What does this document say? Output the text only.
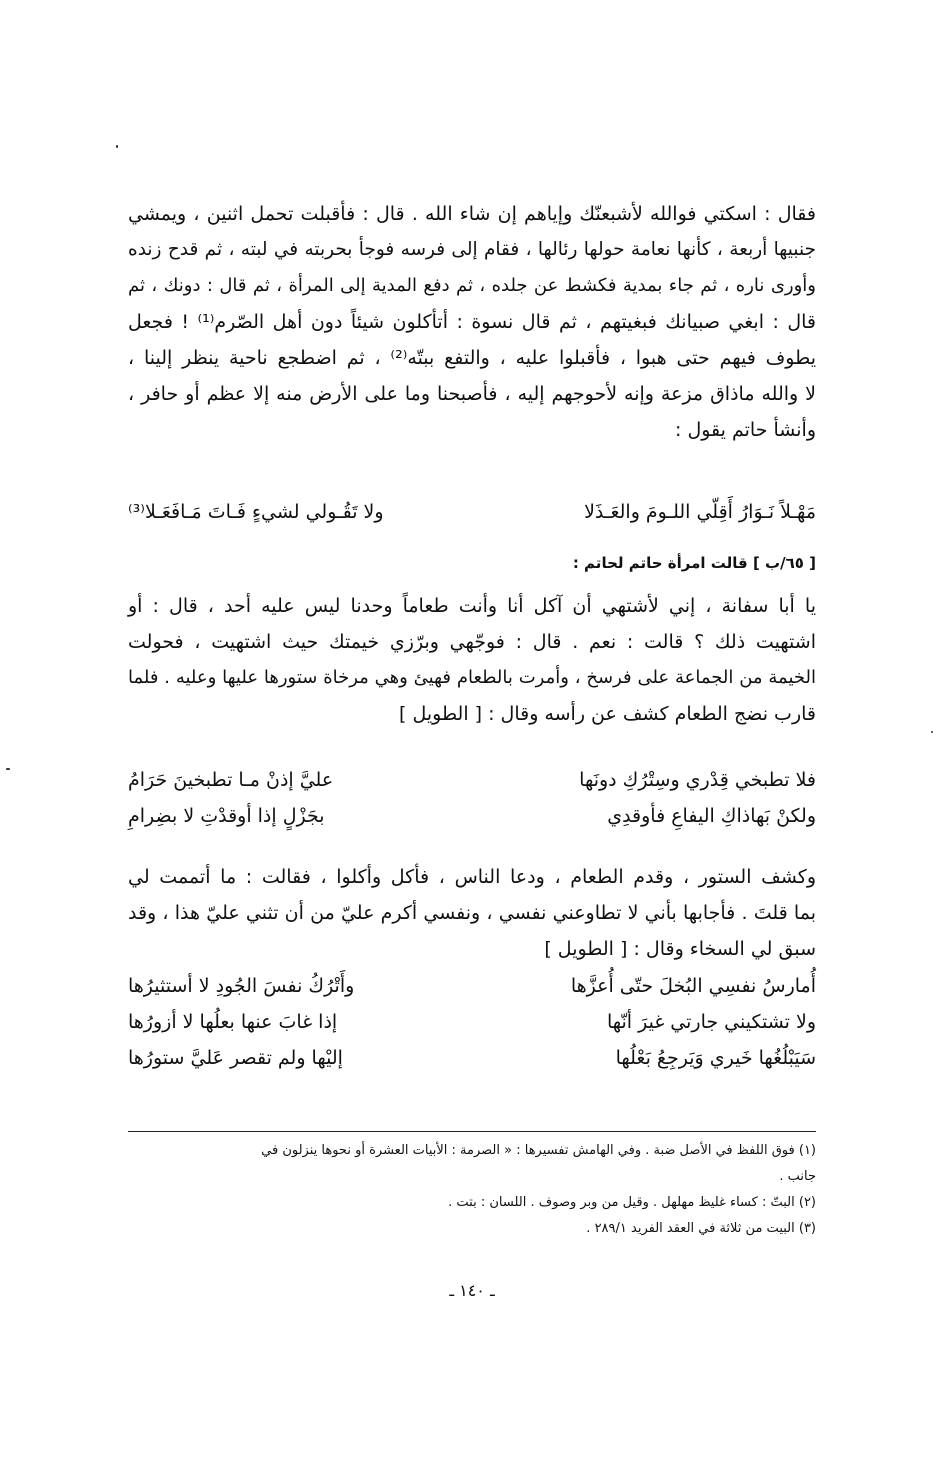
فقال : اسكتي فوالله لأشبعنّك وإياهم إن شاء الله . قال : فأقبلت تحمل اثنين ، ويمشي
جنبيها أربعة ، كأنها نعامة حولها رئالها ، فقام إلى فرسه فوجأ بحربته في لبته ، ثم قدح زنده
وأورى ناره ، ثم جاء بمدية فكشط عن جلده ، ثم دفع المدية إلى المرأة ، ثم قال : دونك ، ثم
قال : ابغي صبيانك فبغيتهم ، ثم قال نسوة : أتأكلون شيئاً دون أهل الصّرم⁽¹⁾ ! فجعل
يطوف فيهم حتى هبوا ، فأقبلوا عليه ، والتفع ببتّه⁽²⁾ ، ثم اضطجع ناحية ينظر إلينا ،
لا والله ماذاق مزعة وإنه لأحوجهم إليه ، فأصبحنا وما على الأرض منه إلا عظم أو حافر ،
وأنشأ حاتم يقول :
مَهْـلاً نَـوَارُ أَقِلّي اللـومَ والعَـذَلا
ولا تَقُـولي لشيءٍ فَـاتَ مَـافَعَـلا⁽³⁾
[ ٦٥/ب ] قالت امرأة حاتم لحاتم :
يا أبا سفانة ، إني لأشتهي أن آكل أنا وأنت طعاماً وحدنا ليس عليه أحد ، قال : أو
اشتهيت ذلك ؟ قالت : نعم . قال : فوجّهي وبرّزي خيمتك حيث اشتهيت ، فحولت
الخيمة من الجماعة على فرسخ ، وأمرت بالطعام فهيئ وهي مرخاة ستورها عليها وعليه . فلما
قارب نضج الطعام كشف عن رأسه وقال : [ الطويل ]
فلا تطبخي قِدْري وسِتْرُكِ دونَها
عليَّ إذنْ مـا تطبخينَ حَرَامُ
ولكنْ بَهاذاكِ اليفاعِ فأوقدِي
بجَزْلٍ إذا أوقدْتِ لا بضِرامِ
وكشف الستور ، وقدم الطعام ، ودعا الناس ، فأكل وأكلوا ، فقالت : ما أتممت لي
بما قلتَ . فأجابها بأني لا تطاوعني نفسي ، ونفسي أكرم عليّ من أن تثني عليّ هذا ، وقد
سبق لي السخاء وقال : [ الطويل ]
أُمارسُ نفسِي البُخلَ حتّى أُعزَّها
وأَتْرُكُ نفسَ الجُودِ لا أستثيرُها
ولا تشتكيني جارتي غيرَ أنّها
إذا غابَ عنها بعلُها لا أزورُها
سَيَبْلُغُها خَيري وَيَرجِعُ بَعْلُها
إليْها ولم تقصر عَليَّ ستورُها
(١) فوق اللفظ في الأصل ضبة . وفي الهامش تفسيرها : « الصرمة : الأبيات العشرة أو نحوها ينزلون في
جانب .
(٢) البتّ : كساء غليظ مهلهل . وقيل من وبر وصوف . اللسان : بتت .
(٣) البيت من ثلاثة في العقد الفريد ٢٨٩/١ .
ـ ١٤٠ ـ
